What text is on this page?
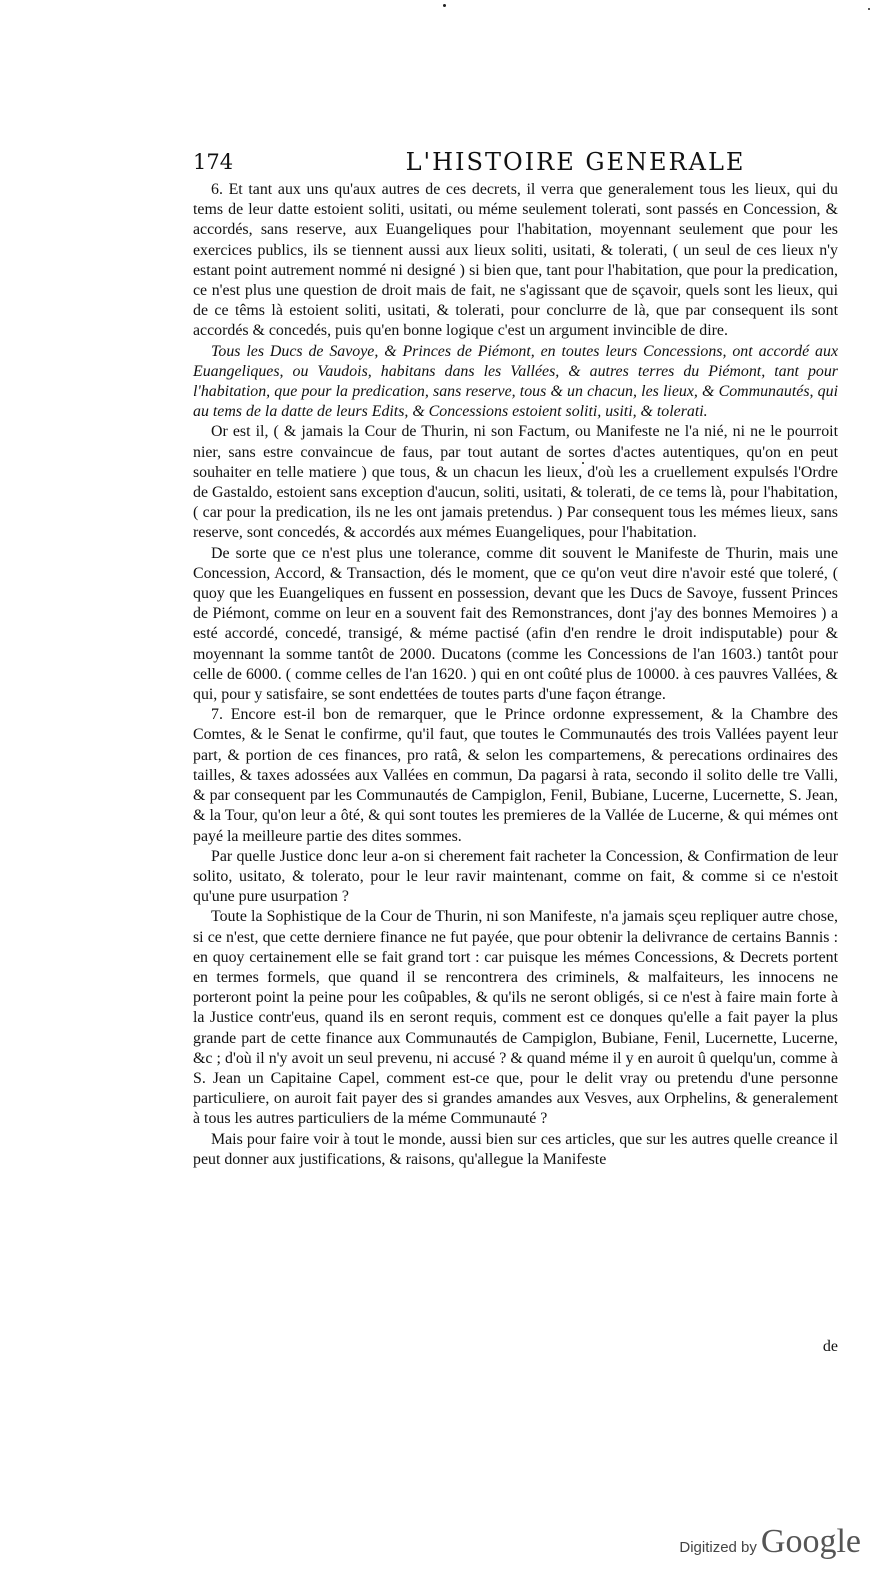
174	L'HISTOIRE GENERALE

6. Et tant aux uns qu'aux autres de ces decrets, il verra que generalement tous les lieux, qui du tems de leur datte estoient soliti, usitati, ou méme seulement tolerati, sont passés en Concession, & accordés, sans reserve, aux Euangeliques pour l'habitation, moyennant seulement que pour les exercices publics, ils se tiennent aussi aux lieux soliti, usitati, & tolerati, ( un seul de ces lieux n'y estant point autrement nommé ni designé ) si bien que, tant pour l'habitation, que pour la predication, ce n'est plus une question de droit mais de fait, ne s'agissant que de sçavoir, quels sont les lieux, qui de ce têms là estoient soliti, usitati, & tolerati, pour conclurre de là, que par consequent ils sont accordés & concedés, puis qu'en bonne logique c'est un argument invincible de dire.

Tous les Ducs de Savoye, & Princes de Piémont, en toutes leurs Concessions, ont accordé aux Euangeliques, ou Vaudois, habitans dans les Vallées, & autres terres du Piémont, tant pour l'habitation, que pour la predication, sans reserve, tous & un chacun, les lieux, & Communautés, qui au tems de la datte de leurs Edits, & Concessions estoient soliti, usiti, & tolerati.

Or est il, ( & jamais la Cour de Thurin, ni son Factum, ou Manifeste ne l'a nié, ni ne le pourroit nier, sans estre convaincue de faus, par tout autant de sortes d'actes autentiques, qu'on en peut souhaiter en telle matiere ) que tous, & un chacun les lieux, d'où les a cruellement expulsés l'Ordre de Gastaldo, estoient sans exception d'aucun, soliti, usitati, & tolerati, de ce tems là, pour l'habitation, ( car pour la predication, ils ne les ont jamais pretendus. ) Par consequent tous les mémes lieux, sans reserve, sont concedés, & accordés aux mémes Euangeliques, pour l'habitation.

De sorte que ce n'est plus une tolerance, comme dit souvent le Manifeste de Thurin, mais une Concession, Accord, & Transaction, dés le moment, que ce qu'on veut dire n'avoir esté que toleré, ( quoy que les Euangeliques en fussent en possession, devant que les Ducs de Savoye, fussent Princes de Piémont, comme on leur en a souvent fait des Remonstrances, dont j'ay des bonnes Memoires ) a esté accordé, concedé, transigé, & méme pactisé (afin d'en rendre le droit indisputable) pour & moyennant la somme tantôt de 2000. Ducatons (comme les Concessions de l'an 1603.) tantôt pour celle de 6000. ( comme celles de l'an 1620. ) qui en ont coûté plus de 10000. à ces pauvres Vallées, & qui, pour y satisfaire, se sont endettées de toutes parts d'une façon étrange.

7. Encore est-il bon de remarquer, que le Prince ordonne expressement, & la Chambre des Comtes, & le Senat le confirme, qu'il faut, que toutes le Communautés des trois Vallées payent leur part, & portion de ces finances, pro ratâ, & selon les compartemens, & perecations ordinaires des tailles, & taxes adossées aux Vallées en commun, Da pagarsi à rata, secondo il solito delle tre Valli, & par consequent par les Communautés de Campiglon, Fenil, Bubiane, Lucerne, Lucernette, S. Jean, & la Tour, qu'on leur a ôté, & qui sont toutes les premieres de la Vallée de Lucerne, & qui mémes ont payé la meilleure partie des dites sommes.

Par quelle Justice donc leur a-on si cherement fait racheter la Concession, & Confirmation de leur solito, usitato, & tolerato, pour le leur ravir maintenant, comme on fait, & comme si ce n'estoit qu'une pure usurpation ?

Toute la Sophistique de la Cour de Thurin, ni son Manifeste, n'a jamais sçeu repliquer autre chose, si ce n'est, que cette derniere finance ne fut payée, que pour obtenir la delivrance de certains Bannis : en quoy certainement elle se fait grand tort : car puisque les mémes Concessions, & Decrets portent en termes formels, que quand il se rencontrera des criminels, & malfaiteurs, les innocens ne porteront point la peine pour les coûpables, & qu'ils ne seront obligés, si ce n'est à faire main forte à la Justice contr'eus, quand ils en seront requis, comment est ce donques qu'elle a fait payer la plus grande part de cette finance aux Communautés de Campiglon, Bubiane, Fenil, Lucernette, Lucerne, &c ; d'où il n'y avoit un seul prevenu, ni accusé ? & quand méme il y en auroit û quelqu'un, comme à S. Jean un Capitaine Capel, comment est-ce que, pour le delit vray ou pretendu d'une personne particuliere, on auroit fait payer des si grandes amandes aux Vesves, aux Orphelins, & generalement à tous les autres particuliers de la méme Communauté ?

Mais pour faire voir à tout le monde, aussi bien sur ces articles, que sur les autres quelle creance il peut donner aux justifications, & raisons, qu'allegue la Manifeste

de
Digitized by Google
